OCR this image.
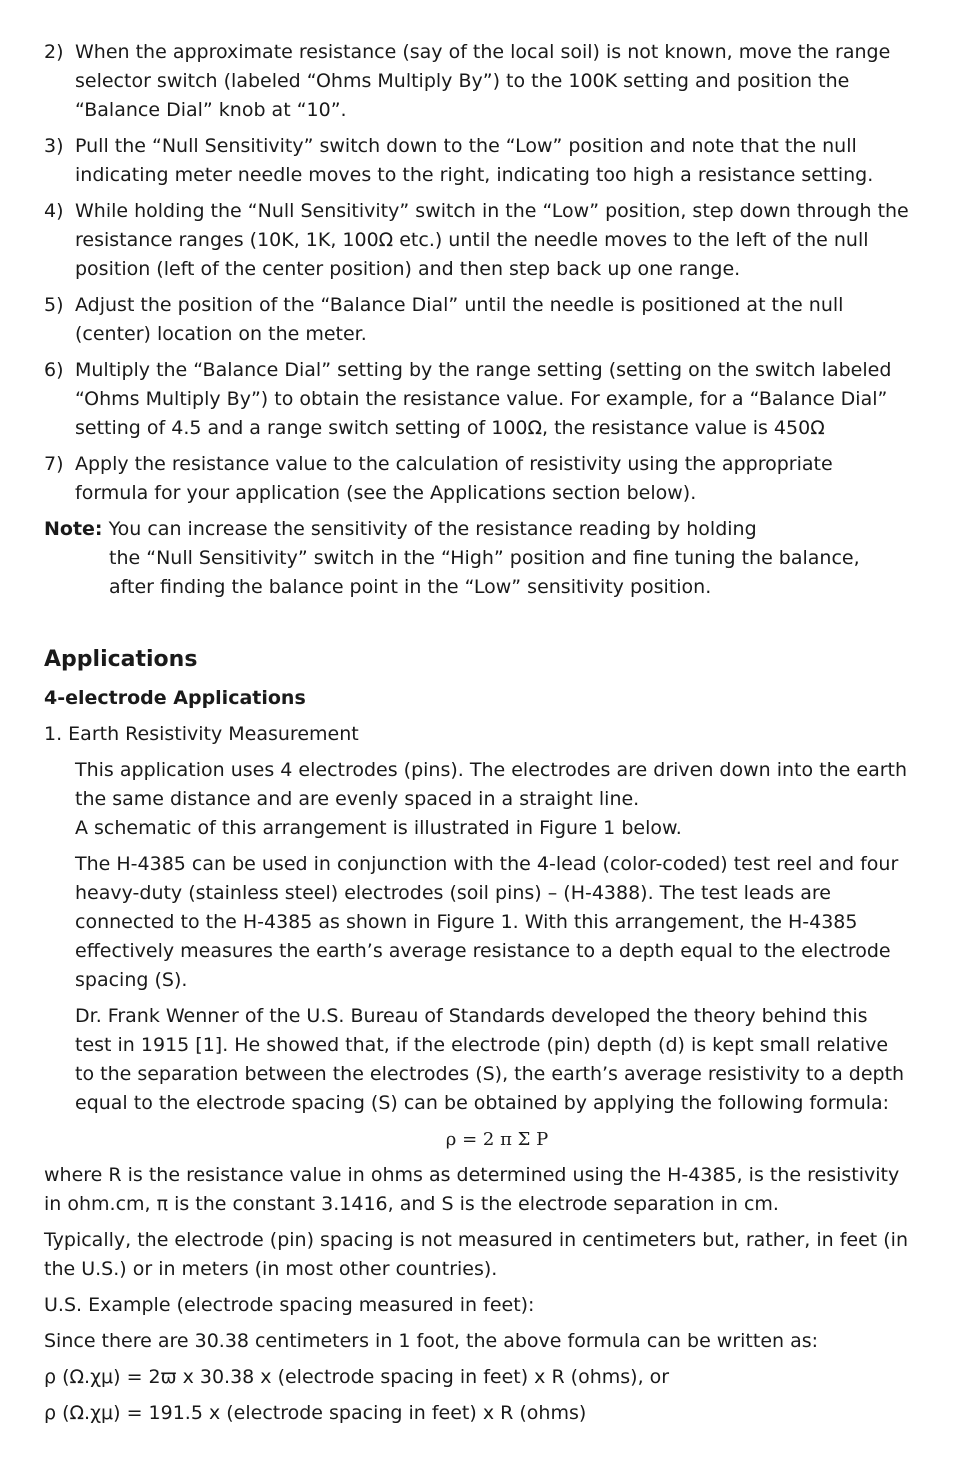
2) When the approximate resistance (say of the local soil) is not known, move the range selector switch (labeled “Ohms Multiply By”) to the 100K setting and position the “Balance Dial” knob at “10”.
3) Pull the “Null Sensitivity” switch down to the “Low” position and note that the null indicating meter needle moves to the right, indicating too high a resistance setting.
4) While holding the “Null Sensitivity” switch in the “Low” position, step down through the resistance ranges (10K, 1K, 100Ω etc.) until the needle moves to the left of the null position (left of the center position) and then step back up one range.
5) Adjust the position of the “Balance Dial” until the needle is positioned at the null (center) location on the meter.
6) Multiply the “Balance Dial” setting by the range setting (setting on the switch labeled “Ohms Multiply By”) to obtain the resistance value. For example, for a “Balance Dial” setting of 4.5 and a range switch setting of 100Ω, the resistance value is 450Ω
7) Apply the resistance value to the calculation of resistivity using the appropriate formula for your application (see the Applications section below).
Note: You can increase the sensitivity of the resistance reading by holding
the “Null Sensitivity” switch in the “High” position and fine tuning the balance, after finding the balance point in the “Low” sensitivity position.
Applications
4-electrode Applications
1. Earth Resistivity Measurement
This application uses 4 electrodes (pins). The electrodes are driven down into the earth the same distance and are evenly spaced in a straight line.
A schematic of this arrangement is illustrated in Figure 1 below.
The H-4385 can be used in conjunction with the 4-lead (color-coded) test reel and four heavy-duty (stainless steel) electrodes (soil pins) – (H-4388). The test leads are connected to the H-4385 as shown in Figure 1. With this arrangement, the H-4385 effectively measures the earth’s average resistance to a depth equal to the electrode spacing (S).
Dr. Frank Wenner of the U.S. Bureau of Standards developed the theory behind this test in 1915 [1]. He showed that, if the electrode (pin) depth (d) is kept small relative to the separation between the electrodes (S), the earth’s average resistivity to a depth equal to the electrode spacing (S) can be obtained by applying the following formula:
ρ = 2 π Σ P
where R is the resistance value in ohms as determined using the H-4385, is the resistivity in ohm.cm, π is the constant 3.1416, and S is the electrode separation in cm.
Typically, the electrode (pin) spacing is not measured in centimeters but, rather, in feet (in the U.S.) or in meters (in most other countries).
U.S. Example (electrode spacing measured in feet):
Since there are 30.38 centimeters in 1 foot, the above formula can be written as:
ρ (Ω.χμ) = 2ϖ x 30.38 x (electrode spacing in feet) x R (ohms), or
ρ (Ω.χμ) = 191.5 x (electrode spacing in feet) x R (ohms)
